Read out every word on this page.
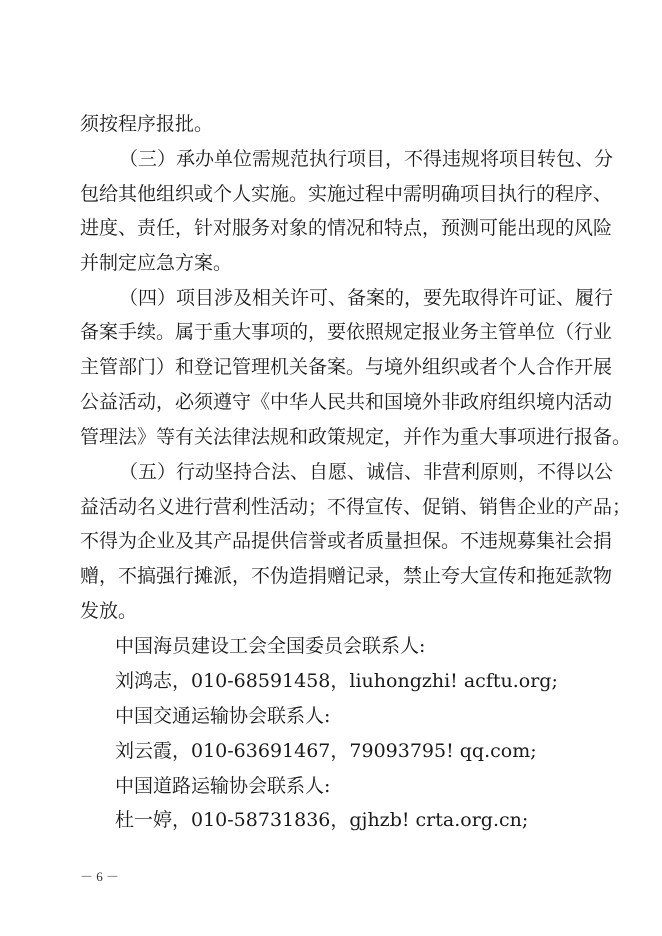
须按程序报批。
（三）承办单位需规范执行项目，不得违规将项目转包、分
包给其他组织或个人实施。实施过程中需明确项目执行的程序、
进度、责任，针对服务对象的情况和特点，预测可能出现的风险
并制定应急方案。
（四）项目涉及相关许可、备案的，要先取得许可证、履行
备案手续。属于重大事项的，要依照规定报业务主管单位（行业
主管部门）和登记管理机关备案。与境外组织或者个人合作开展
公益活动，必须遵守《中华人民共和国境外非政府组织境内活动
管理法》等有关法律法规和政策规定，并作为重大事项进行报备。
（五）行动坚持合法、自愿、诚信、非营利原则，不得以公
益活动名义进行营利性活动；不得宣传、促销、销售企业的产品；
不得为企业及其产品提供信誉或者质量担保。不违规募集社会捐
赠，不搞强行摊派，不伪造捐赠记录，禁止夸大宣传和拖延款物
发放。
中国海员建设工会全国委员会联系人:
刘鸿志，010-68591458，liuhongzhi! acftu.org;
中国交通运输协会联系人:
刘云霞，010-63691467，79093795! qq.com;
中国道路运输协会联系人:
杜一婷，010-58731836，gjhzb! crta.org.cn;
－ 6 －
